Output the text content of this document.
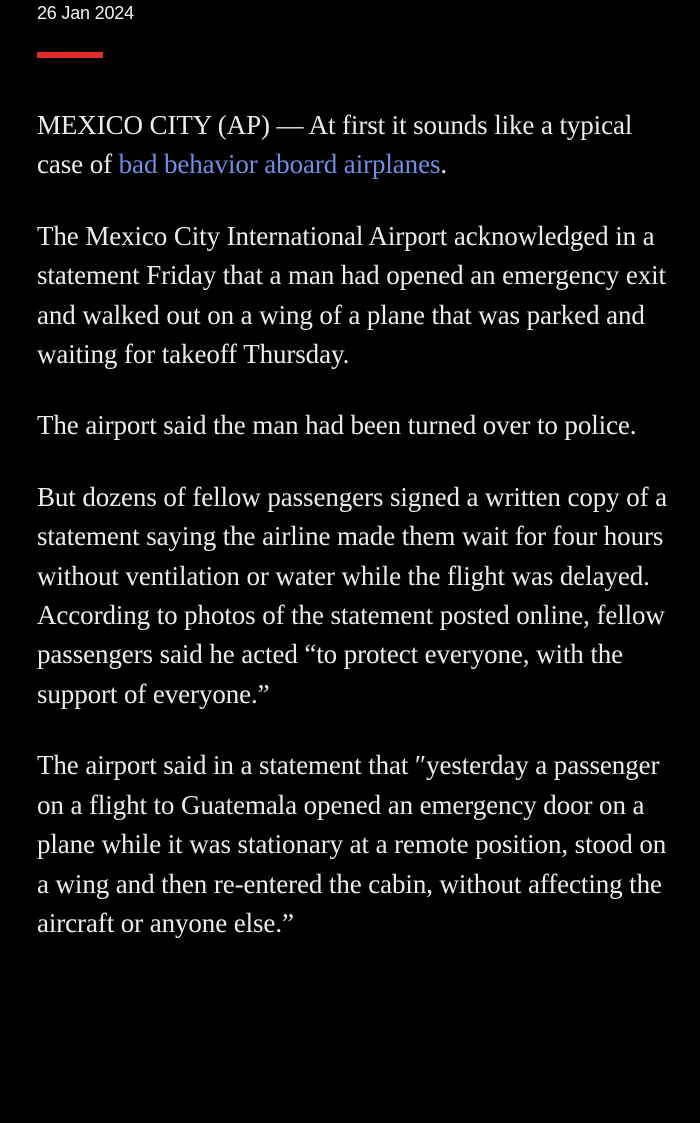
26 Jan 2024

MEXICO CITY (AP) — At first it sounds like a typical case of bad behavior aboard airplanes.

The Mexico City International Airport acknowledged in a statement Friday that a man had opened an emergency exit and walked out on a wing of a plane that was parked and waiting for takeoff Thursday.

The airport said the man had been turned over to police.

But dozens of fellow passengers signed a written copy of a statement saying the airline made them wait for four hours without ventilation or water while the flight was delayed. According to photos of the statement posted online, fellow passengers said he acted “to protect everyone, with the support of everyone.”

The airport said in a statement that ″yesterday a passenger on a flight to Guatemala opened an emergency door on a plane while it was stationary at a remote position, stood on a wing and then re-entered the cabin, without affecting the aircraft or anyone else.”
